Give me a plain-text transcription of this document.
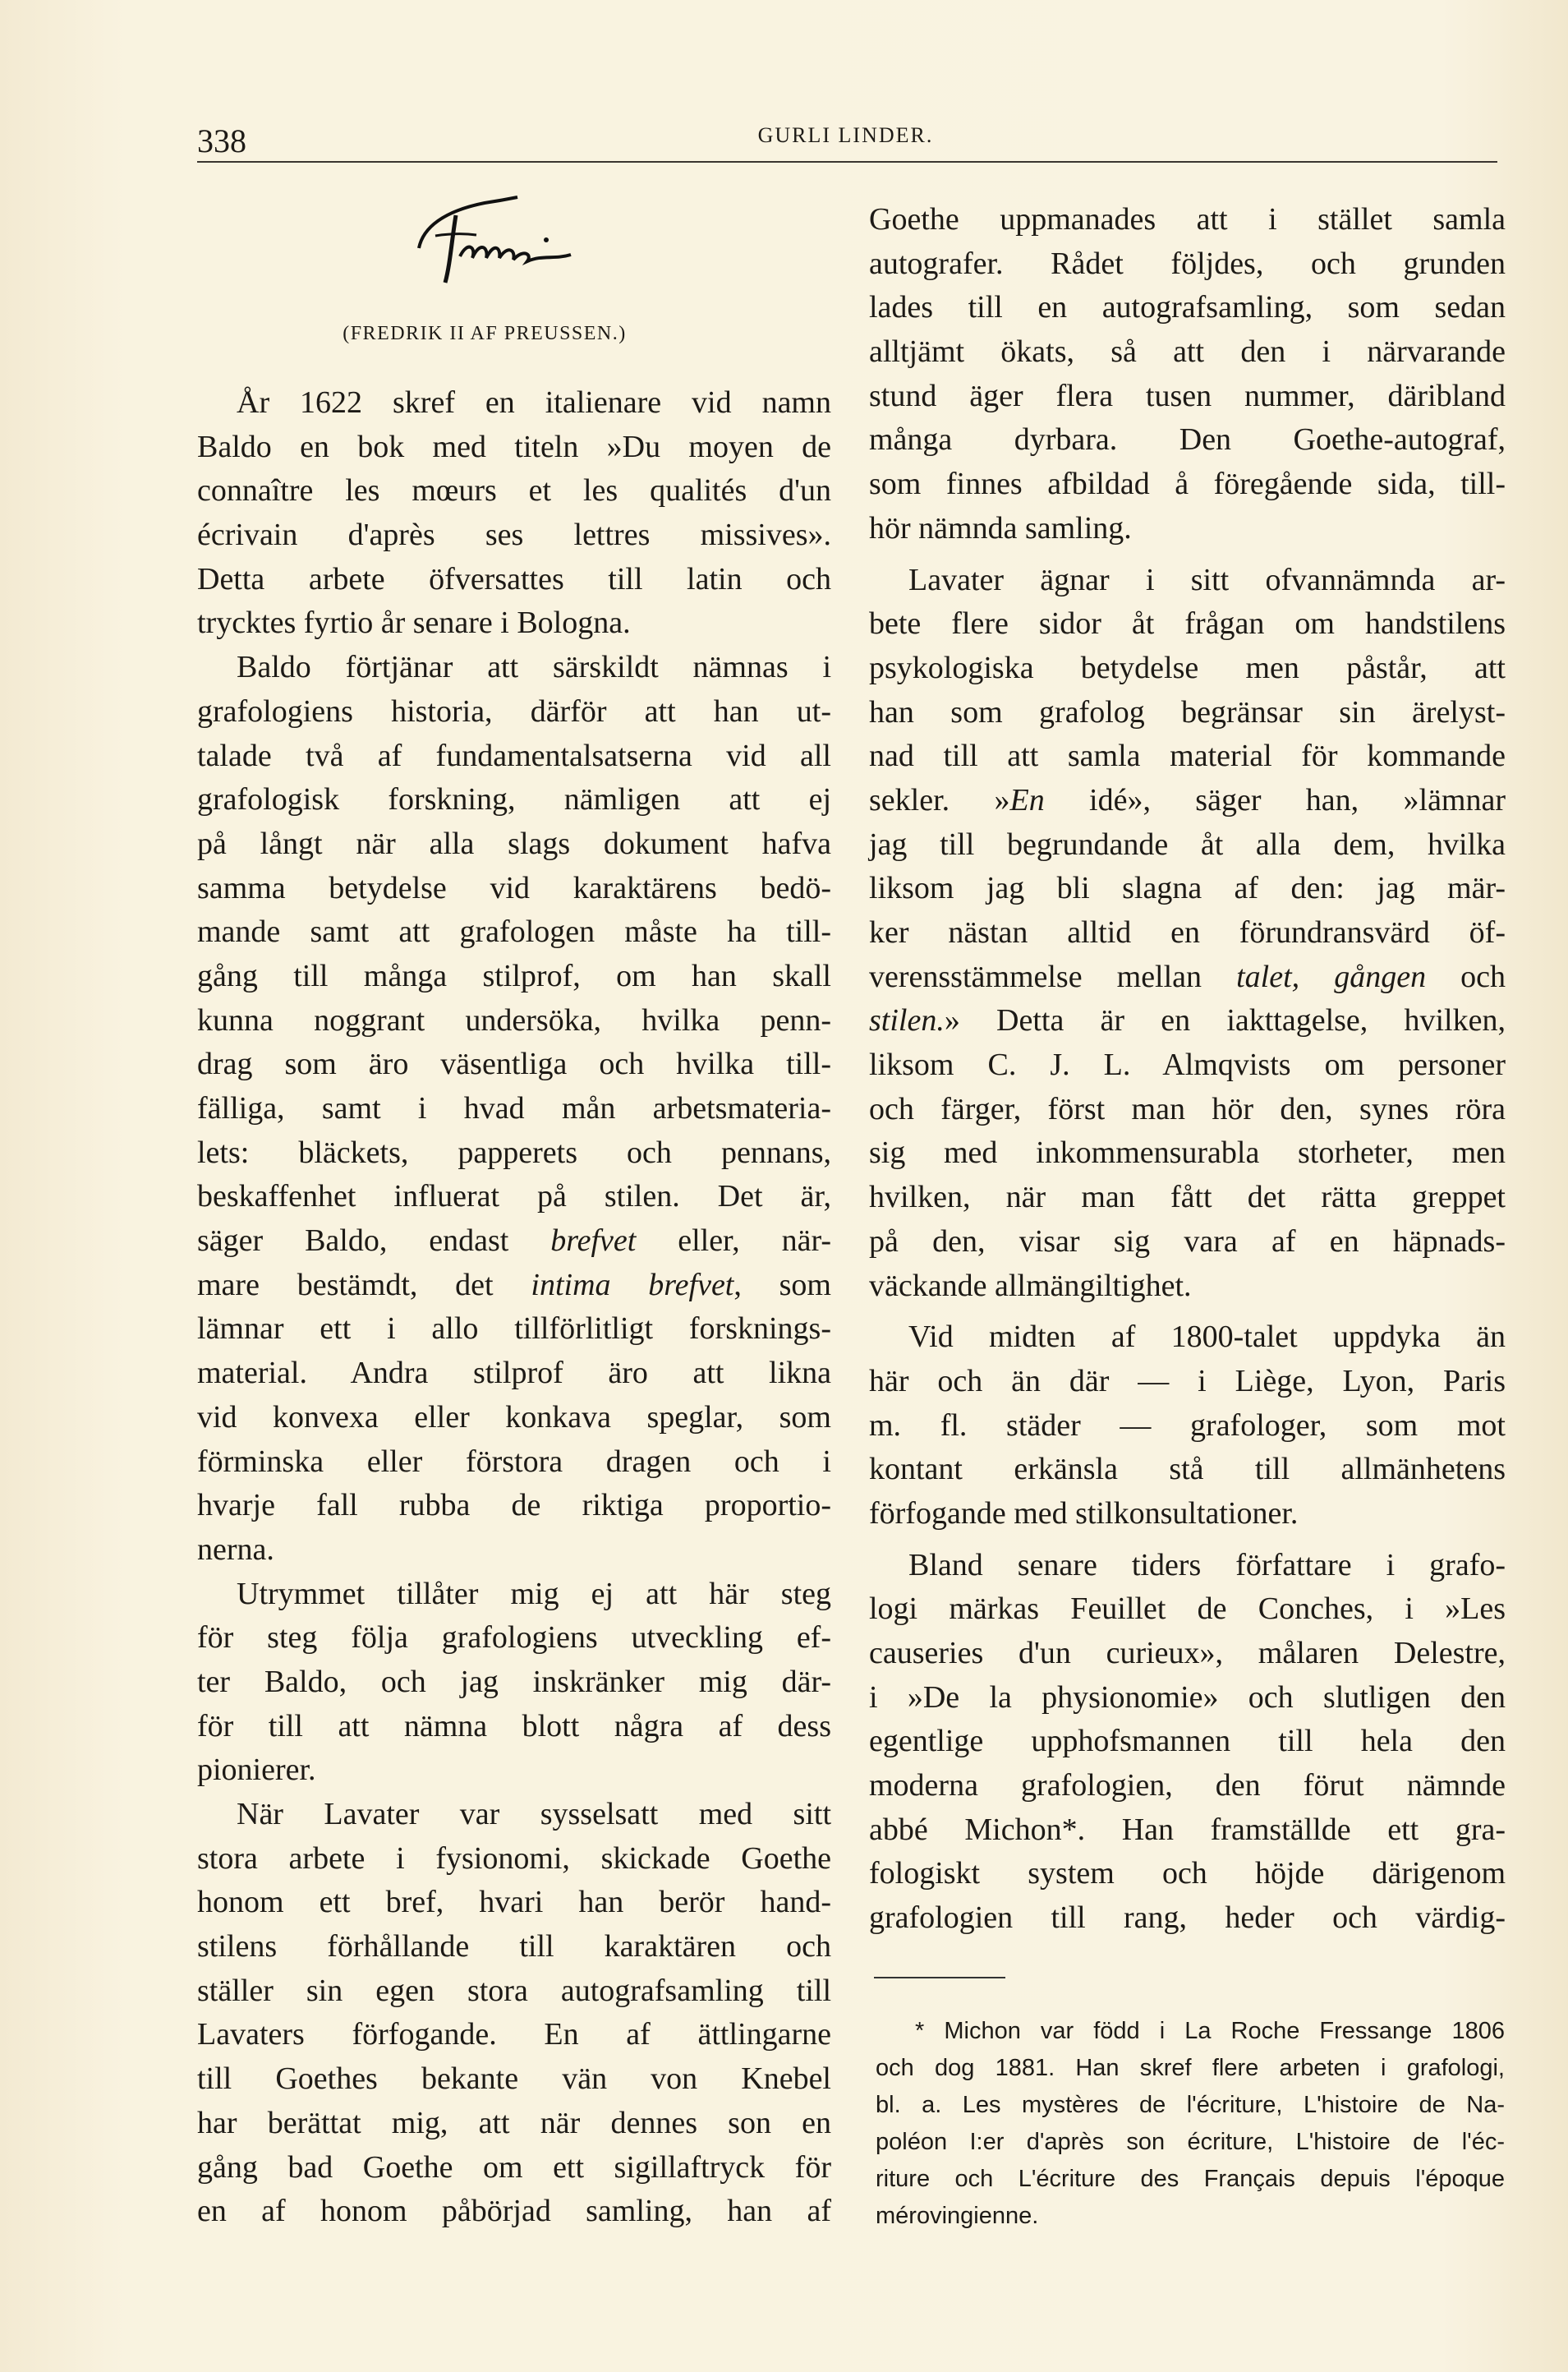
338	GURLI LINDER.
(FREDRIK II AF PREUSSEN.)
År 1622 skref en italienare vid namn
Baldo en bok med titeln »Du moyen de
connaître les mœurs et les qualités d'un
écrivain d'après ses lettres missives».
Detta arbete öfversattes till latin och
trycktes fyrtio år senare i Bologna.
Baldo förtjänar att särskildt nämnas i
grafologiens historia, därför att han ut-
talade två af fundamentalsatserna vid all
grafologisk forskning, nämligen att ej
på långt när alla slags dokument hafva
samma betydelse vid karaktärens bedö-
mande samt att grafologen måste ha till-
gång till många stilprof, om han skall
kunna noggrant undersöka, hvilka penn-
drag som äro väsentliga och hvilka till-
fälliga, samt i hvad mån arbetsmateria-
lets: bläckets, papperets och pennans,
beskaffenhet influerat på stilen. Det är,
säger Baldo, endast brefvet eller, när-
mare bestämdt, det intima brefvet, som
lämnar ett i allo tillförlitligt forsknings-
material. Andra stilprof äro att likna
vid konvexa eller konkava speglar, som
förminska eller förstora dragen och i
hvarje fall rubba de riktiga proportio-
nerna.
Utrymmet tillåter mig ej att här steg
för steg följa grafologiens utveckling ef-
ter Baldo, och jag inskränker mig där-
för till att nämna blott några af dess
pionierer.
När Lavater var sysselsatt med sitt
stora arbete i fysionomi, skickade Goethe
honom ett bref, hvari han berör hand-
stilens förhållande till karaktären och
ställer sin egen stora autografsamling till
Lavaters förfogande. En af ättlingarne
till Goethes bekante vän von Knebel
har berättat mig, att när dennes son en
gång bad Goethe om ett sigillaftryck för
en af honom påbörjad samling, han af
Goethe uppmanades att i stället samla
autografer. Rådet följdes, och grunden
lades till en autografsamling, som sedan
alltjämt ökats, så att den i närvarande
stund äger flera tusen nummer, däribland
många dyrbara. Den Goethe-autograf,
som finnes afbildad å föregående sida, till-
hör nämnda samling.
Lavater ägnar i sitt ofvannämnda ar-
bete flere sidor åt frågan om handstilens
psykologiska betydelse men påstår, att
han som grafolog begränsar sin ärelyst-
nad till att samla material för kommande
sekler. »En idé», säger han, »lämnar
jag till begrundande åt alla dem, hvilka
liksom jag bli slagna af den: jag mär-
ker nästan alltid en förundransvärd öf-
verensstämmelse mellan talet, gången och
stilen.» Detta är en iakttagelse, hvilken,
liksom C. J. L. Almqvists om personer
och färger, först man hör den, synes röra
sig med inkommensurabla storheter, men
hvilken, när man fått det rätta greppet
på den, visar sig vara af en häpnads-
väckande allmängiltighet.
Vid midten af 1800-talet uppdyka än
här och än där — i Liège, Lyon, Paris
m. fl. städer — grafologer, som mot
kontant erkänsla stå till allmänhetens
förfogande med stilkonsultationer.
Bland senare tiders författare i grafo-
logi märkas Feuillet de Conches, i »Les
causeries d'un curieux», målaren Delestre,
i »De la physionomie» och slutligen den
egentlige upphofsmannen till hela den
moderna grafologien, den förut nämnde
abbé Michon*. Han framställde ett gra-
fologiskt system och höjde därigenom
grafologien till rang, heder och värdig-
* Michon var född i La Roche Fressange 1806
och dog 1881. Han skref flere arbeten i grafologi,
bl. a. Les mystères de l'écriture, L'histoire de Na-
poléon I:er d'après son écriture, L'histoire de l'éc-
riture och L'écriture des Français depuis l'époque
mérovingienne.
